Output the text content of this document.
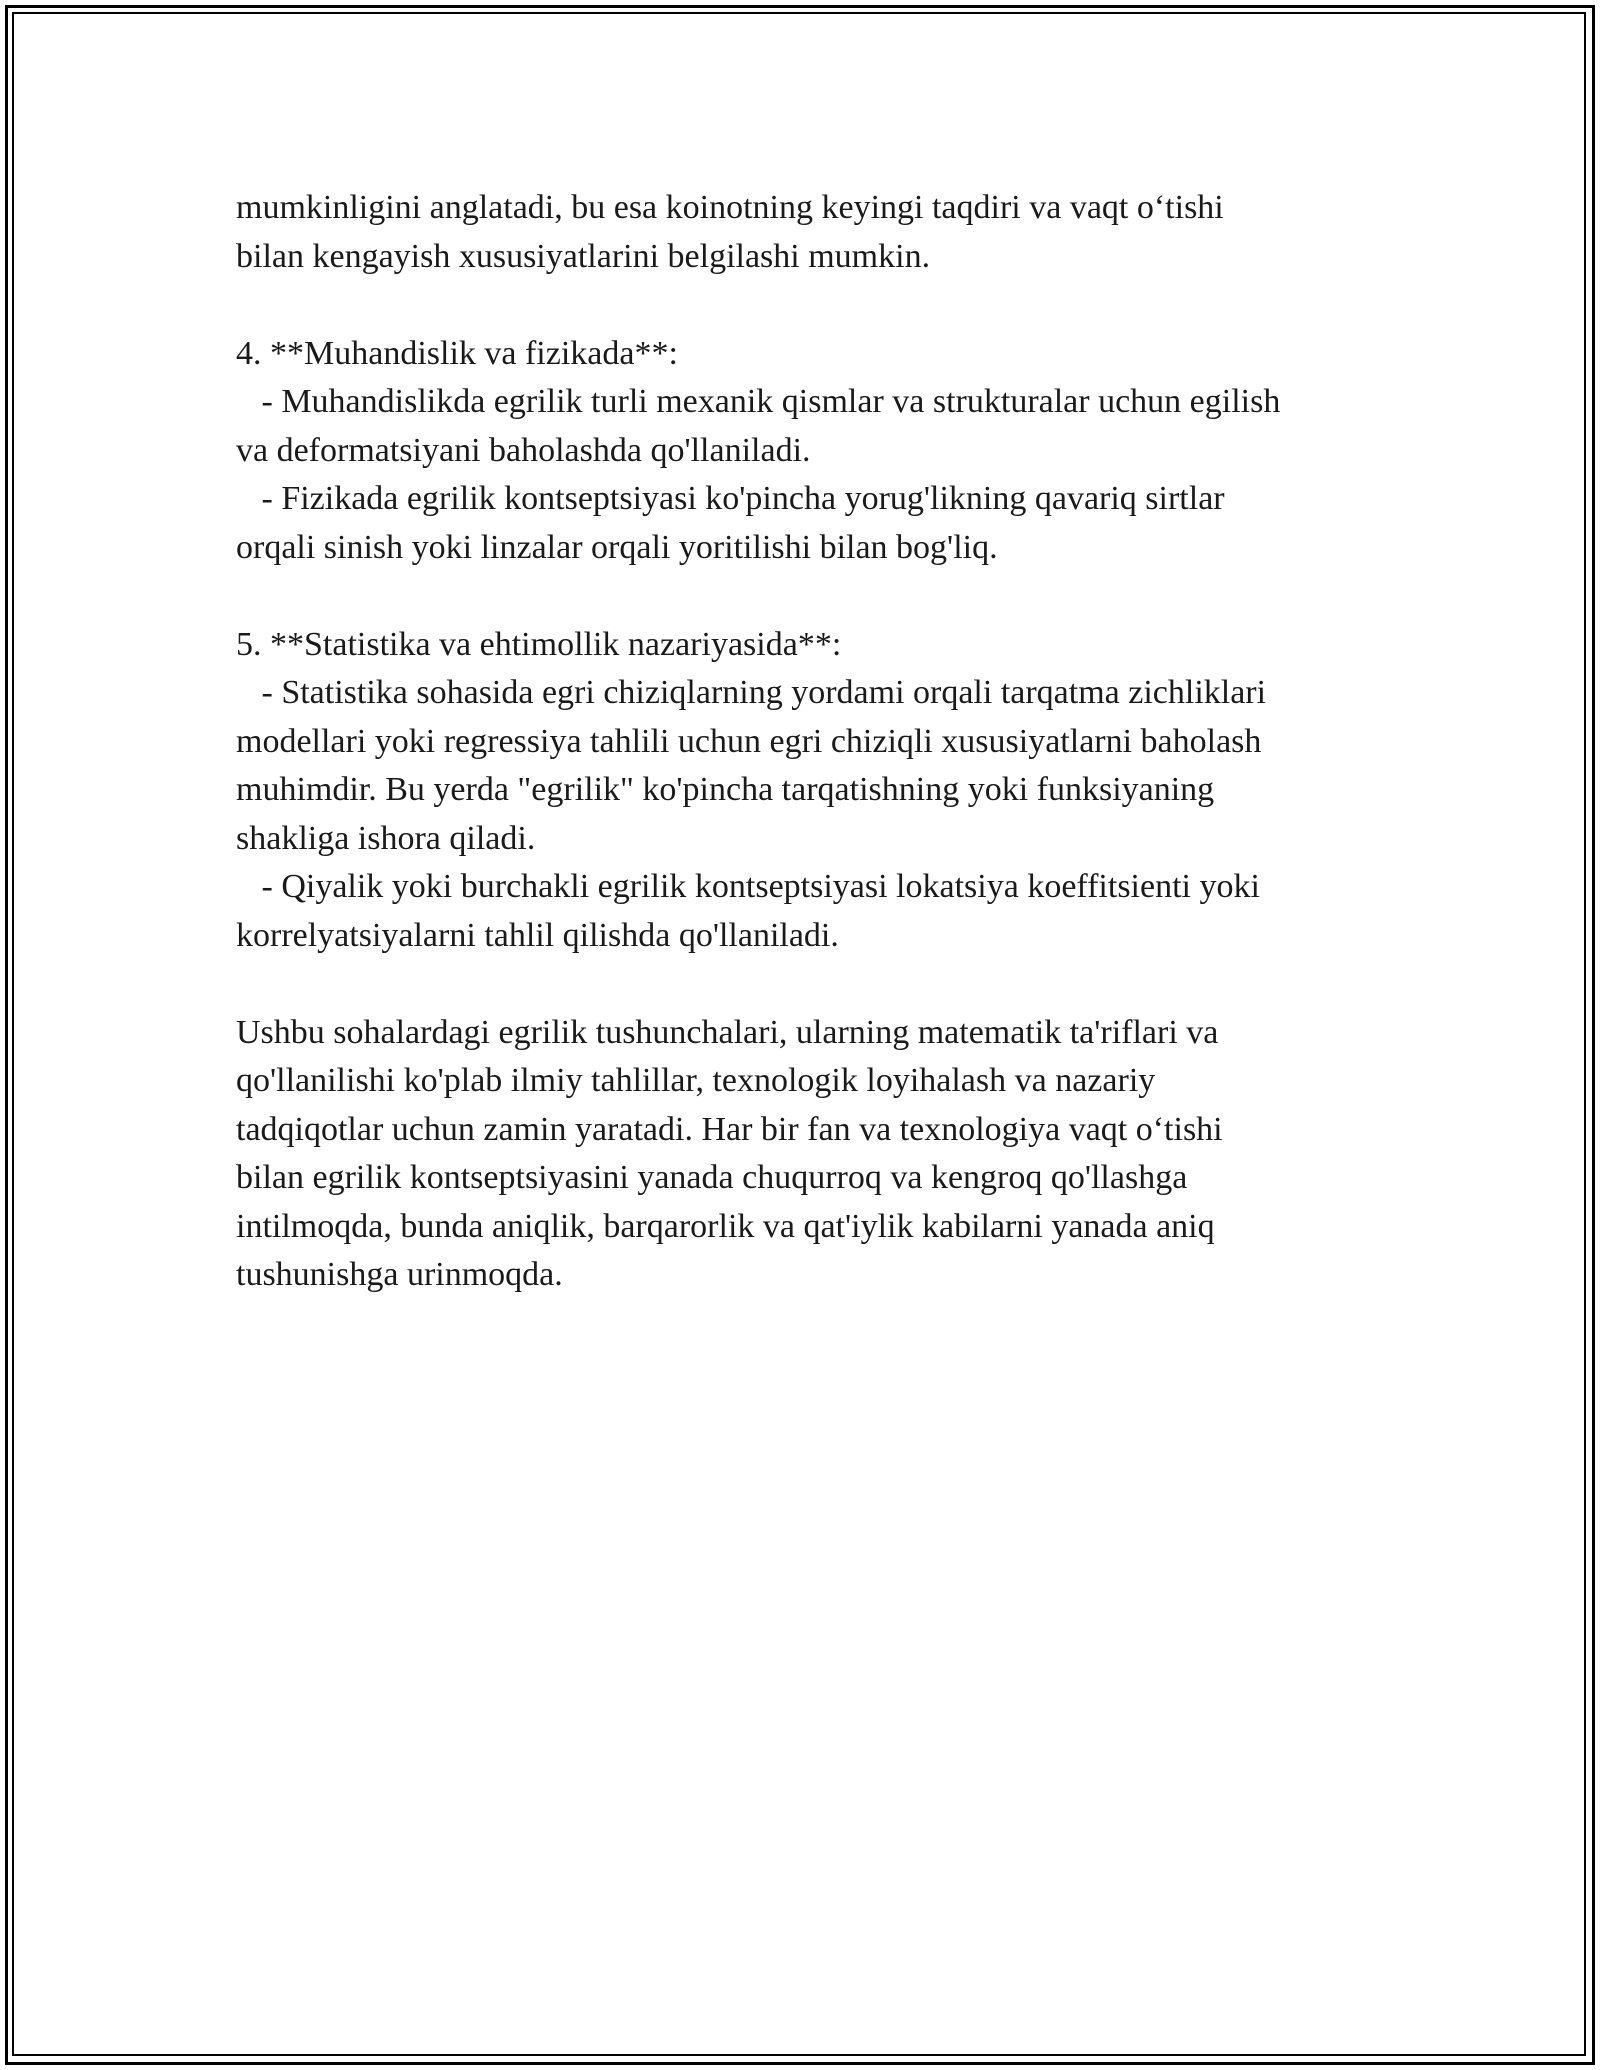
mumkinligini anglatadi, bu esa koinotning keyingi taqdiri va vaqt o‘tishi
bilan kengayish xususiyatlarini belgilashi mumkin.
4. **Muhandislik va fizikada**:
- Muhandislikda egrilik turli mexanik qismlar va strukturalar uchun egilish
va deformatsiyani baholashda qo'llaniladi.
- Fizikada egrilik kontseptsiyasi ko'pincha yorug'likning qavariq sirtlar
orqali sinish yoki linzalar orqali yoritilishi bilan bog'liq.
5. **Statistika va ehtimollik nazariyasida**:
- Statistika sohasida egri chiziqlarning yordami orqali tarqatma zichliklari
modellari yoki regressiya tahlili uchun egri chiziqli xususiyatlarni baholash
muhimdir. Bu yerda "egrilik" ko'pincha tarqatishning yoki funksiyaning
shakliga ishora qiladi.
- Qiyalik yoki burchakli egrilik kontseptsiyasi lokatsiya koeffitsienti yoki
korrelyatsiyalarni tahlil qilishda qo'llaniladi.
Ushbu sohalardagi egrilik tushunchalari, ularning matematik ta'riflari va
qo'llanilishi ko'plab ilmiy tahlillar, texnologik loyihalash va nazariy
tadqiqotlar uchun zamin yaratadi. Har bir fan va texnologiya vaqt o‘tishi
bilan egrilik kontseptsiyasini yanada chuqurroq va kengroq qo'llashga
intilmoqda, bunda aniqlik, barqarorlik va qat'iylik kabilarni yanada aniq
tushunishga urinmoqda.
